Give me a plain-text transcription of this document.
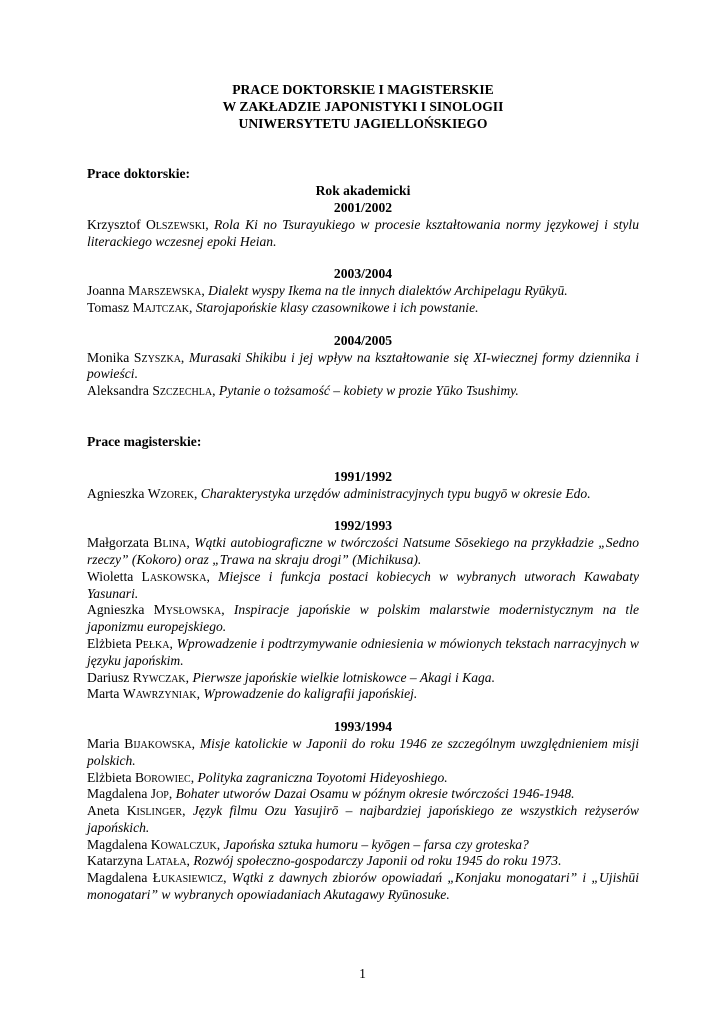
PRACE DOKTORSKIE I MAGISTERSKIE
W ZAKŁADZIE JAPONISTYKI I SINOLOGII
UNIWERSYTETU JAGIELLOŃSKIEGO
Prace doktorskie:
Rok akademicki
2001/2002
Krzysztof Olszewski, Rola Ki no Tsurayukiego w procesie kształtowania normy językowej i stylu literackiego wczesnej epoki Heian.
2003/2004
Joanna Marszewska, Dialekt wyspy Ikema na tle innych dialektów Archipelagu Ryūkyū.
Tomasz Majtczak, Starojapońskie klasy czasownikowe i ich powstanie.
2004/2005
Monika Szyszka, Murasaki Shikibu i jej wpływ na kształtowanie się XI-wiecznej formy dziennika i powieści.
Aleksandra Szczechla, Pytanie o tożsamość – kobiety w prozie Yūko Tsushimy.
Prace magisterskie:
1991/1992
Agnieszka Wzorek, Charakterystyka urzędów administracyjnych typu bugyō w okresie Edo.
1992/1993
Małgorzata Blina, Wątki autobiograficzne w twórczości Natsume Sōsekiego na przykładzie „Sedno rzeczy” (Kokoro) oraz „Trawa na skraju drogi” (Michikusa).
Wioletta Laskowska, Miejsce i funkcja postaci kobiecych w wybranych utworach Kawabaty Yasunari.
Agnieszka Mysłowska, Inspiracje japońskie w polskim malarstwie modernistycznym na tle japonizmu europejskiego.
Elżbieta Pełka, Wprowadzenie i podtrzymywanie odniesienia w mówionych tekstach narracyjnych w języku japońskim.
Dariusz Rywczak, Pierwsze japońskie wielkie lotniskowce – Akagi i Kaga.
Marta Wawrzyniak, Wprowadzenie do kaligrafii japońskiej.
1993/1994
Maria Bijakowska, Misje katolickie w Japonii do roku 1946 ze szczególnym uwzględnieniem misji polskich.
Elżbieta Borowiec, Polityka zagraniczna Toyotomi Hideyoshiego.
Magdalena Jop, Bohater utworów Dazai Osamu w późnym okresie twórczości 1946-1948.
Aneta Kislinger, Język filmu Ozu Yasujirō – najbardziej japońskiego ze wszystkich reżyserów japońskich.
Magdalena Kowalczuk, Japońska sztuka humoru – kyōgen – farsa czy groteska?
Katarzyna Latała, Rozwój społeczno-gospodarczy Japonii od roku 1945 do roku 1973.
Magdalena Łukasiewicz, Wątki z dawnych zbiorów opowiadań „Konjaku monogatari” i „Ujishūi monogatari” w wybranych opowiadaniach Akutagawy Ryūnosuke.
1
